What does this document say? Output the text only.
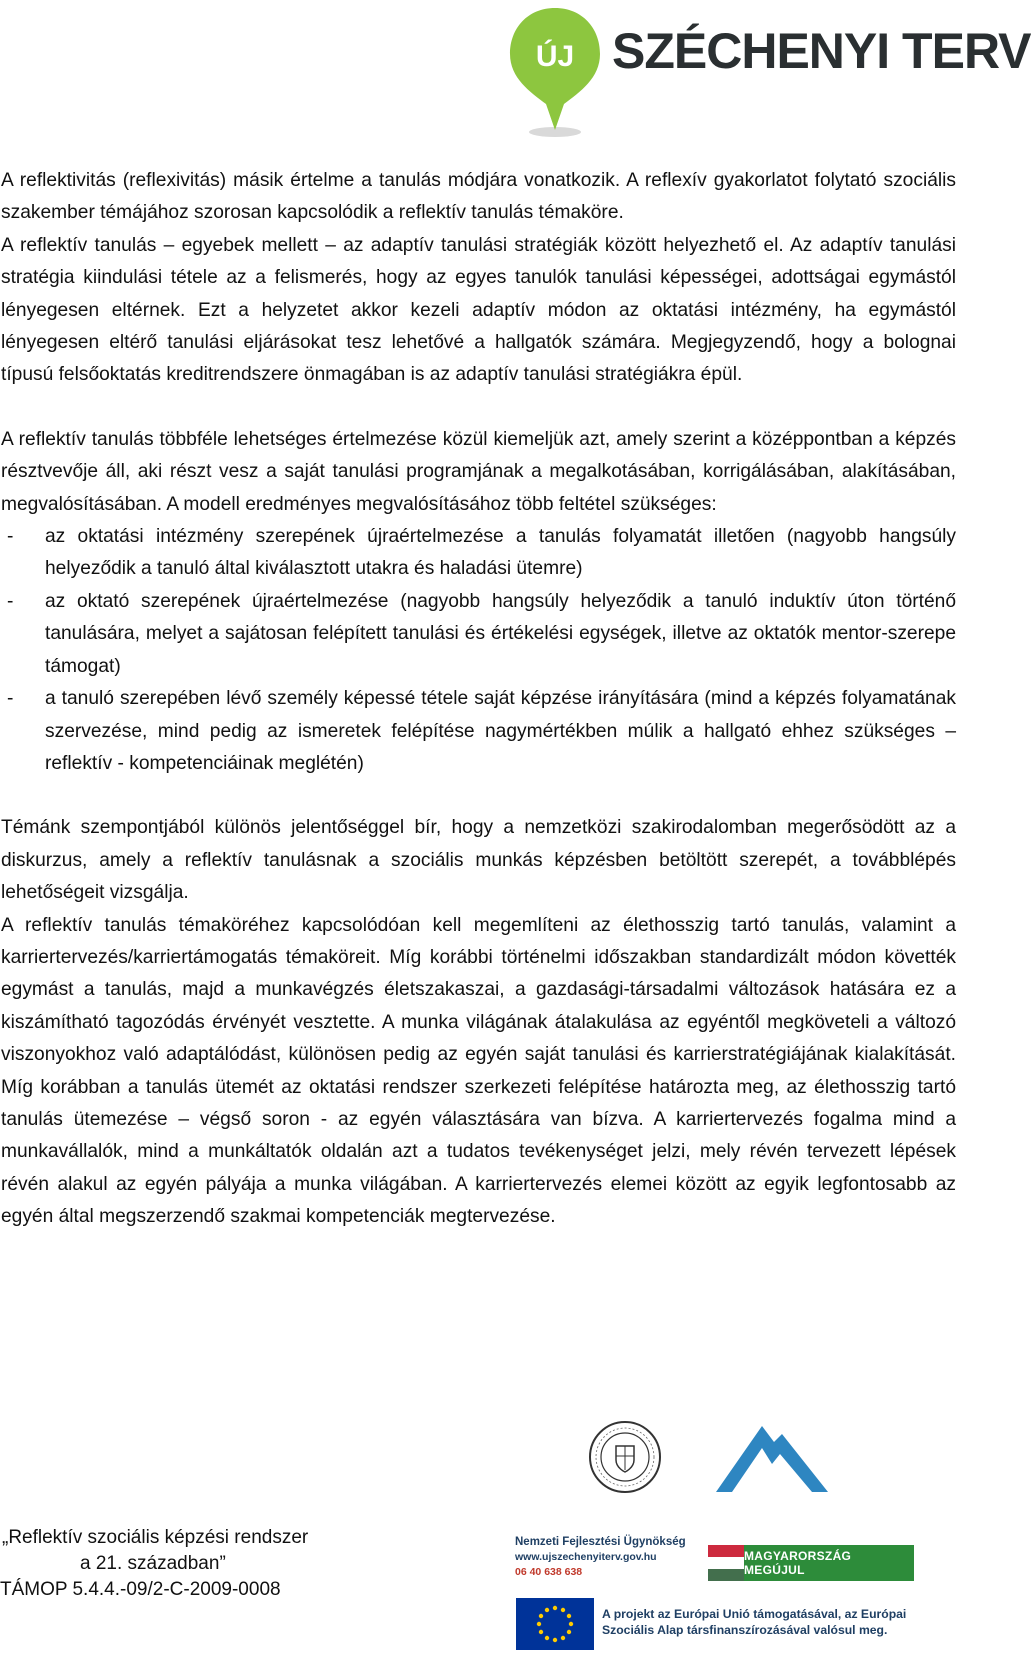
ÚJ SZÉCHENYI TERV

A reflektivitás (reflexivitás) másik értelme a tanulás módjára vonatkozik. A reflexív gyakorlatot folytató szociális szakember témájához szorosan kapcsolódik a reflektív tanulás témaköre.

A reflektív tanulás – egyebek mellett – az adaptív tanulási stratégiák között helyezhető el. Az adaptív tanulási stratégia kiindulási tétele az a felismerés, hogy az egyes tanulók tanulási képességei, adottságai egymástól lényegesen eltérnek. Ezt a helyzetet akkor kezeli adaptív módon az oktatási intézmény, ha egymástól lényegesen eltérő tanulási eljárásokat tesz lehetővé a hallgatók számára. Megjegyzendő, hogy a bolognai típusú felsőoktatás kreditrendszere önmagában is az adaptív tanulási stratégiákra épül.

A reflektív tanulás többféle lehetséges értelmezése közül kiemeljük azt, amely szerint a középpontban a képzés résztvevője áll, aki részt vesz a saját tanulási programjának a megalkotásában, korrigálásában, alakításában, megvalósításában. A modell eredményes megvalósításához több feltétel szükséges:

- az oktatási intézmény szerepének újraértelmezése a tanulás folyamatát illetően (nagyobb hangsúly helyeződik a tanuló által kiválasztott utakra és haladási ütemre)
- az oktató szerepének újraértelmezése (nagyobb hangsúly helyeződik a tanuló induktív úton történő tanulására, melyet a sajátosan felépített tanulási és értékelési egységek, illetve az oktatók mentor-szerepe támogat)
- a tanuló szerepében lévő személy képessé tétele saját képzése irányítására (mind a képzés folyamatának szervezése, mind pedig az ismeretek felépítése nagymértékben múlik a hallgató ehhez szükséges – reflektív - kompetenciáinak meglétén)

Témánk szempontjából különös jelentőséggel bír, hogy a nemzetközi szakirodalomban megerősödött az a diskurzus, amely a reflektív tanulásnak a szociális munkás képzésben betöltött szerepét, a továbblépés lehetőségeit vizsgálja.

A reflektív tanulás témaköréhez kapcsolódóan kell megemlíteni az élethosszig tartó tanulás, valamint a karriertervezés/karriertámogatás témaköreit. Míg korábbi történelmi időszakban standardizált módon követték egymást a tanulás, majd a munkavégzés életszakaszai, a gazdasági-társadalmi változások hatására ez a kiszámítható tagozódás érvényét vesztette. A munka világának átalakulása az egyéntől megköveteli a változó viszonyokhoz való adaptálódást, különösen pedig az egyén saját tanulási és karrierstratégiájának kialakítását. Míg korábban a tanulás ütemét az oktatási rendszer szerkezeti felépítése határozta meg, az élethosszig tartó tanulás ütemezése – végső soron - az egyén választására van bízva. A karriertervezés fogalma mind a munkavállalók, mind a munkáltatók oldalán azt a tudatos tevékenységet jelzi, mely révén tervezett lépések révén alakul az egyén pályája a munka világában. A karriertervezés elemei között az egyik legfontosabb az egyén által megszerzendő szakmai kompetenciák megtervezése.

„Reflektív szociális képzési rendszer
a 21. században”
TÁMOP 5.4.4.-09/2-C-2009-0008
Nemzeti Fejlesztési Ügynökség
www.ujszechenyiterv.gov.hu
06 40 638 638
MAGYARORSZÁG MEGÚJUL
A projekt az Európai Unió támogatásával, az Európai Szociális Alap társfinanszírozásával valósul meg.
